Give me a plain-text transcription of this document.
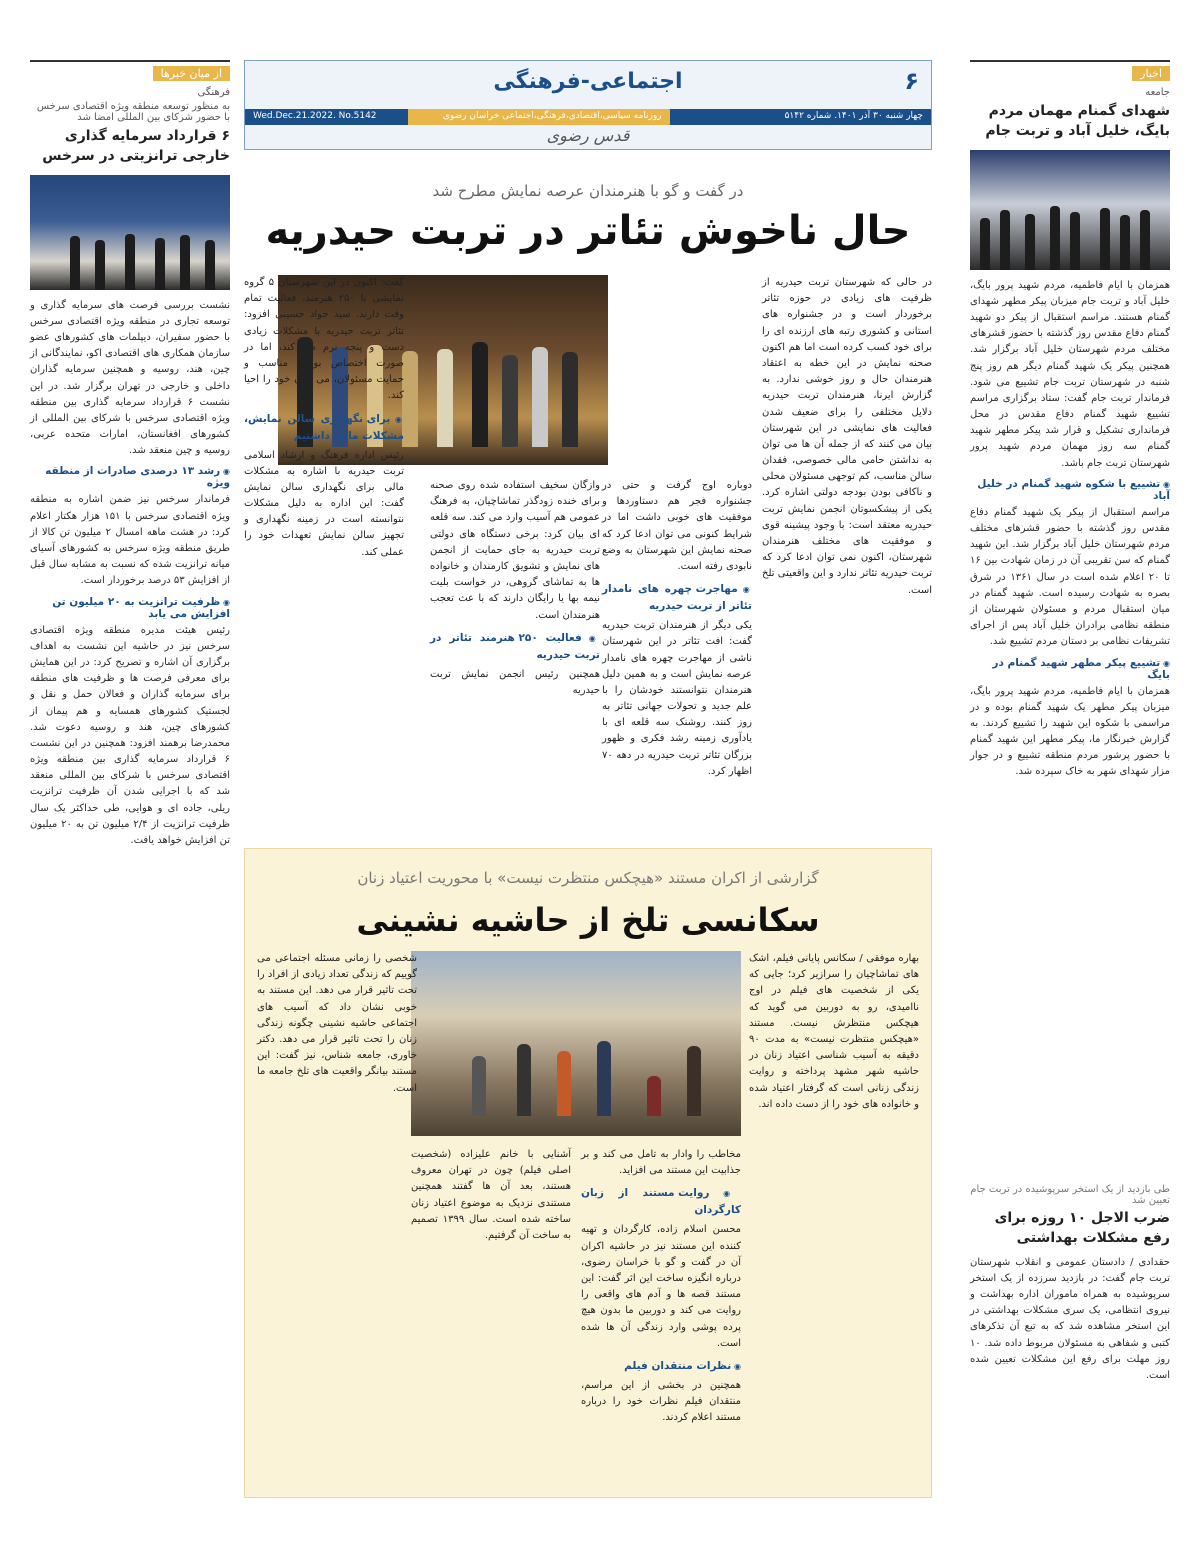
اخبار
جامعه
شهدای گمنام مهمان مردم بایگ، خلیل آباد و تربت جام

همزمان با ایام فاطمیه، مردم شهید پرور بایگ، خلیل آباد و تربت جام میزبان پیکر مطهر شهدای گمنام هستند. مراسم استقبال از پیکر دو شهید گمنام دفاع مقدس روز گذشته با حضور قشرهای مختلف مردم شهرستان خلیل آباد برگزار شد. همچنین پیکر یک شهید گمنام دیگر هم روز پنج شنبه در شهرستان تربت جام تشییع می شود. فرماندار تربت جام گفت: ستاد برگزاری مراسم تشییع شهید گمنام دفاع مقدس در محل فرمانداری تشکیل و قرار شد پیکر مطهر شهید گمنام سه روز مهمان مردم شهید پرور شهرستان تربت جام باشد.

◉ تشییع با شکوه شهید گمنام در خلیل آباد

مراسم استقبال از پیکر یک شهید گمنام دفاع مقدس روز گذشته با حضور قشرهای مختلف مردم شهرستان خلیل آباد برگزار شد. این شهید گمنام که سن تقریبی آن در زمان شهادت بین ۱۶ تا ۲۰ اعلام شده است در سال ۱۳۶۱ در شرق بصره به شهادت رسیده است. شهید گمنام در میان استقبال مردم و مسئولان شهرستان از منطقه نظامی برادران خلیل آباد پس از اجرای تشریفات نظامی بر دستان مردم تشییع شد.

◉ تشییع پیکر مطهر شهید گمنام در بایگ

همزمان با ایام فاطمیه، مردم شهید پرور بایگ، میزبان پیکر مطهر یک شهید گمنام بوده و در مراسمی با شکوه این شهید را تشییع کردند. به گزارش خبرنگار ما، پیکر مطهر این شهید گمنام با حضور پرشور مردم منطقه تشییع و در جوار مزار شهدای شهر به خاک سپرده شد.

طی بازدید از یک استخر سرپوشیده در تربت جام تعیین شد
ضرب الاجل ۱۰ روزه برای رفع مشکلات بهداشتی

حقدادی / دادستان عمومی و انقلاب شهرستان تربت جام گفت: در بازدید سرزده از یک استخر سرپوشیده به همراه ماموران اداره بهداشت و نیروی انتظامی، یک سری مشکلات بهداشتی در این استخر مشاهده شد که به تبع آن تذکرهای کتبی و شفاهی به مسئولان مربوط داده شد. ۱۰ روز مهلت برای رفع این مشکلات تعیین شده است.

از میان خبرها
فرهنگی
به منظور توسعه منطقه ویژه اقتصادی سرخس با حضور شرکای بین المللی امضا شد
۶ قرارداد سرمایه گذاری خارجی ترانزیتی در سرخس

نشست بررسی فرصت های سرمایه گذاری و توسعه تجاری در منطقه ویژه اقتصادی سرخس با حضور سفیران، دیپلمات های کشورهای عضو سازمان همکاری های اقتصادی اکو، نمایندگانی از چین، هند، روسیه و همچنین سرمایه گذاران داخلی و خارجی در تهران برگزار شد. در این نشست ۶ قرارداد سرمایه گذاری بین منطقه ویژه اقتصادی سرخس با شرکای بین المللی از کشورهای افغانستان، امارات متحده عربی، روسیه و چین منعقد شد.

◉ رشد ۱۳ درصدی صادرات از منطقه ویژه

فرماندار سرخس نیز ضمن اشاره به منطقه ویژه اقتصادی سرخس با ۱۵۱ هزار هکتار اعلام کرد: در هشت ماهه امسال ۲ میلیون تن کالا از طریق منطقه ویژه سرخس به کشورهای آسیای میانه ترانزیت شده که نسبت به مشابه سال قبل از افزایش ۵۳ درصد برخوردار است.

◉ ظرفیت ترانزیت به ۲۰ میلیون تن افزایش می یابد

رئیس هیئت مدیره منطقه ویژه اقتصادی سرخس نیز در حاشیه این نشست به اهداف برگزاری آن اشاره و تصریح کرد: در این همایش برای معرفی فرصت ها و ظرفیت های منطقه برای سرمایه گذاران و فعالان حمل و نقل و لجستیک کشورهای همسایه و هم پیمان از کشورهای چین، هند و روسیه دعوت شد. محمدرضا برهمند افزود: همچنین در این نشست ۶ قرارداد سرمایه گذاری بین منطقه ویژه اقتصادی سرخس با شرکای بین المللی منعقد شد که با اجرایی شدن آن ظرفیت ترانزیت ریلی، جاده ای و هوایی، طی حداکثر یک سال ظرفیت ترانزیت از ۲/۴ میلیون تن به ۲۰ میلیون تن افزایش خواهد یافت.

۶
اجتماعی-فرهنگی
چهار شنبه ۳۰ آذر ۱۴۰۱. شماره ۵۱۴۲
روزنامه سیاسی،اقتصادی،فرهنگی،اجتماعی خراسان رضوی
Wed.Dec.21.2022. No.5142
قدس رضوی
در گفت و گو با هنرمندان عرصه نمایش مطرح شد
حال ناخوش تئاتر در تربت حیدریه

در حالی که شهرستان تربت حیدریه از ظرفیت های زیادی در حوزه تئاتر برخوردار است و در جشنواره های استانی و کشوری رتبه های ارزنده ای را برای خود کسب کرده است اما هم اکنون صحنه نمایش در این خطه به اعتقاد هنرمندان حال و روز خوشی ندارد. به گزارش ایرنا، هنرمندان تربت حیدریه دلایل مختلفی را برای ضعیف شدن فعالیت های نمایشی در این شهرستان بیان می کنند که از جمله آن ها می توان به نداشتن حامی مالی خصوصی، فقدان سالن مناسب، کم توجهی مسئولان محلی و ناکافی بودن بودجه دولتی اشاره کرد. یکی از پیشکسوتان انجمن نمایش تربت حیدریه معتقد است: با وجود پیشینه قوی و موفقیت های مختلف هنرمندان شهرستان، اکنون نمی توان ادعا کرد که تربت حیدریه تئاتر ندارد و این واقعیتی تلخ است.

دوباره اوج گرفت و حتی در جشنواره فجر هم دستاوردها و موفقیت های خوبی داشت اما در شرایط کنونی می توان ادعا کرد که صحنه نمایش این شهرستان به وضع نابودی رفته است.

◉ مهاجرت چهره های نامدار تئاتر از تربت حیدریه

یکی دیگر از هنرمندان تربت حیدریه گفت: افت تئاتر در این شهرستان ناشی از مهاجرت چهره های نامدار عرصه نمایش است و به همین دلیل هنرمندان نتوانستند خودشان را با علم جدید و تحولات جهانی تئاتر به روز کنند. روشنک سه قلعه ای با یادآوری زمینه رشد فکری و ظهور بزرگان تئاتر تربت حیدریه در دهه ۷۰ اظهار کرد.

وازگان سخیف استفاده شده روی صحنه برای خنده زودگذر تماشاچیان، به فرهنگ عمومی هم آسیب وارد می کند. سه قلعه ای بیان کرد: برخی دستگاه های دولتی تربت حیدریه به جای حمایت از انجمن های نمایش و تشویق کارمندان و خانواده ها به تماشای گروهی، در خواست بلیت نیمه بها یا رایگان دارند که با عث تعجب هنرمندان است.

◉ فعالیت ۲۵۰ هنرمند تئاتر در تربت حیدریه

همچنین رئیس انجمن نمایش تربت حیدریه

گفت: اکنون در این شهرستان ۵ گروه نمایشی با ۲۵۰ هنرمند، فعالیت تمام وقت دارند. سید جواد حسینی افزود: تئاتر تربت حیدریه با مشکلات زیادی دست و پنجه نرم می کند، اما در صورت اختصاص بودجه مناسب و حمایت مسئولان، می توان خود را احیا کند.

◉ برای نگهداری سالن نمایش، مشکلات مالی داشتیم

رئیس اداره فرهنگ و ارشاد اسلامی تربت حیدریه با اشاره به مشکلات مالی برای نگهداری سالن نمایش گفت: این اداره به دلیل مشکلات نتوانسته است در زمینه نگهداری و تجهیز سالن نمایش تعهدات خود را عملی کند.

گزارشی از اکران مستند «هیچکس منتظرت نیست» با محوریت اعتیاد زنان
سکانسی تلخ از حاشیه نشینی

بهاره موفقی / سکانس پایانی فیلم، اشک های تماشاچیان را سرازیر کرد؛ جایی که یکی از شخصیت های فیلم در اوج ناامیدی، رو به دوربین می گوید که هیچکس منتظرش نیست. مستند «هیچکس منتظرت نیست» به مدت ۹۰ دقیقه به آسیب شناسی اعتیاد زنان در حاشیه شهر مشهد پرداخته و روایت زندگی زنانی است که گرفتار اعتیاد شده و خانواده های خود را از دست داده اند.

مخاطب را وادار به تامل می کند و بر جذابیت این مستند می افزاید.

◉ روایت مستند از زبان کارگردان

محسن اسلام زاده، کارگردان و تهیه کننده این مستند نیز در حاشیه اکران آن در گفت و گو با خراسان رضوی، درباره انگیزه ساخت این اثر گفت: این مستند قصه ها و آدم های واقعی را روایت می کند و دوربین ما بدون هیچ پرده پوشی وارد زندگی آن ها شده است.

◉ نظرات منتقدان فیلم

همچنین در بخشی از این مراسم، منتقدان فیلم نظرات خود را درباره مستند اعلام کردند.

آشنایی با خانم علیزاده (شخصیت اصلی فیلم) چون در تهران معروف هستند، بعد آن ها گفتند همچنین مستندی نزدیک به موضوع اعتیاد زنان ساخته شده است. سال ۱۳۹۹ تصمیم به ساخت آن گرفتیم.

شخصی را زمانی مسئله اجتماعی می گوییم که زندگی تعداد زیادی از افراد را تحت تاثیر قرار می دهد. این مستند به خوبی نشان داد که آسیب های اجتماعی حاشیه نشینی چگونه زندگی زنان را تحت تاثیر قرار می دهد. دکتر خاوری، جامعه شناس، نیز گفت: این مستند بیانگر واقعیت های تلخ جامعه ما است.
